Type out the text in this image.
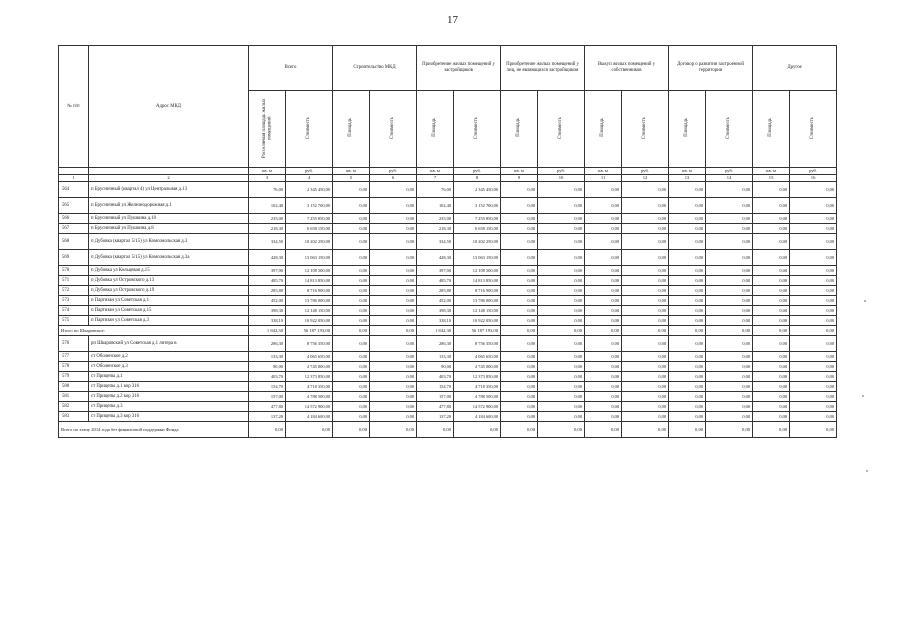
17
№ п/п	Адрос МКД	Всего		Строительство МКД		Приобретение жилых помещений у застройщиков		Приобретение жилых помещений у лиц, не являющихся застройщиком		Выкуп жилых помещений у собственников		Договор о развитии застроенной территории		Другое	
		Расселяемая площадь жилых помещений	Стоимость	Площадь	Стоимость	Площадь	Стоимость	Площадь	Стоимость	Площадь	Стоимость	Площадь	Стоимость	Площадь	Стоимость
		кв. м	руб.	кв. м	руб.	кв. м	руб.	кв. м	руб.	кв. м	руб.	кв. м	руб.	кв. м	руб.
1	2	3	4	5	6	7	8	9	10	11	12	13	14	15	16
564	п Брусничный (квартал 4) ул Центральная д.13	76,00	2 345 450,00	0,00	0,00	76,00	2 345 450,00	0,00	0,00	0,00	0,00	0,00	0,00	0,00	0,00
565	п Брусничный ул Железнодорожная д.1	102,40	3 152 700,00	0,00	0,00	102,40	3 152 700,00	0,00	0,00	0,00	0,00	0,00	0,00	0,00	0,00
566	п Брусничный ул Пушкина д.10	235,00	7 255 850,00	0,00	0,00	235,00	7 255 850,00	0,00	0,00	0,00	0,00	0,00	0,00	0,00	0,00
567	п Брусничный ул Пушкина д.8	218,30	6 658 150,00	0,00	0,00	218,30	6 658 150,00	0,00	0,00	0,00	0,00	0,00	0,00	0,00	0,00
568	п Дубовка (квартал 5/15) ул Комсомольская д.3	334,50	10 202 250,00	0,00	0,00	334,50	10 202 250,00	0,00	0,00	0,00	0,00	0,00	0,00	0,00	0,00
569	п Дубовка (квартал 5/15) ул Комсомольская д.3а	428,30	13 063 150,00	0,00	0,00	428,30	13 063 150,00	0,00	0,00	0,00	0,00	0,00	0,00	0,00	0,00
570	п Дубовка ул Кольцевая д.15	397,00	12 108 500,00	0,00	0,00	397,00	12 108 500,00	0,00	0,00	0,00	0,00	0,00	0,00	0,00	0,00
571	п Дубовка ул Островского д.13	485,70	14 813 850,00	0,00	0,00	485,70	14 813 850,00	0,00	0,00	0,00	0,00	0,00	0,00	0,00	0,00
572	п Дубовка ул Островского д.19	285,80	8 716 900,00	0,00	0,00	285,80	8 716 900,00	0,00	0,00	0,00	0,00	0,00	0,00	0,00	0,00
573	п Партизан ул Советская д.1	452,00	13 786 000,00	0,00	0,00	452,00	13 786 000,00	0,00	0,00	0,00	0,00	0,00	0,00	0,00	0,00
574	п Партизан ул Советская д.15	398,30	12 148 150,00	0,00	0,00	398,30	12 148 150,00	0,00	0,00	0,00	0,00	0,00	0,00	0,00	0,00
575	п Партизан ул Советская д.3	338,10	10 922 050,00	0,00	0,00	338,10	10 922 050,00	0,00	0,00	0,00	0,00	0,00	0,00	0,00	0,00
Итого по Шкаровское:		1 842,30	56 187 193,00	0,00	0,00	1 842,30	56 187 193,00	0,00	0,00	0,00	0,00	0,00	0,00	0,00	0,00
576	рп Шкаровский ул Советская д.1 литера в	286,30	8 756 350,00	0,00	0,00	286,30	8 756 350,00	0,00	0,00	0,00	0,00	0,00	0,00	0,00	0,00
577	ст Оболенское д.2	133,30	4 065 650,00	0,00	0,00	133,30	4 065 650,00	0,00	0,00	0,00	0,00	0,00	0,00	0,00	0,00
578	ст Оболенское д.3	90,00	2 745 000,00	0,00	0,00	90,00	2 745 000,00	0,00	0,00	0,00	0,00	0,00	0,00	0,00	0,00
579	ст Прицепы д.1	403,70	12 373 850,00	0,00	0,00	403,70	12 373 850,00	0,00	0,00	0,00	0,00	0,00	0,00	0,00	0,00
580	ст Прицепы д.1 кор 316	154,70	4 718 350,00	0,00	0,00	154,70	4 718 350,00	0,00	0,00	0,00	0,00	0,00	0,00	0,00	0,00
581	ст Прицепы д.2 кор 316	157,00	4 788 500,00	0,00	0,00	157,00	4 788 500,00	0,00	0,00	0,00	0,00	0,00	0,00	0,00	0,00
582	ст Прицепы д.3	477,80	14 572 900,00	0,00	0,00	477,80	14 572 900,00	0,00	0,00	0,00	0,00	0,00	0,00	0,00	0,00
583	ст Прицепы д.3 кор 316	137,20	4 184 600,00	0,00	0,00	137,20	4 184 600,00	0,00	0,00	0,00	0,00	0,00	0,00	0,00	0,00
Всего по этапу 2014 года без финансовой поддержки Фонда		0,00	0,00	0,00	0,00	0,00	0,00	0,00	0,00	0,00	0,00	0,00	0,00	0,00	0,00
